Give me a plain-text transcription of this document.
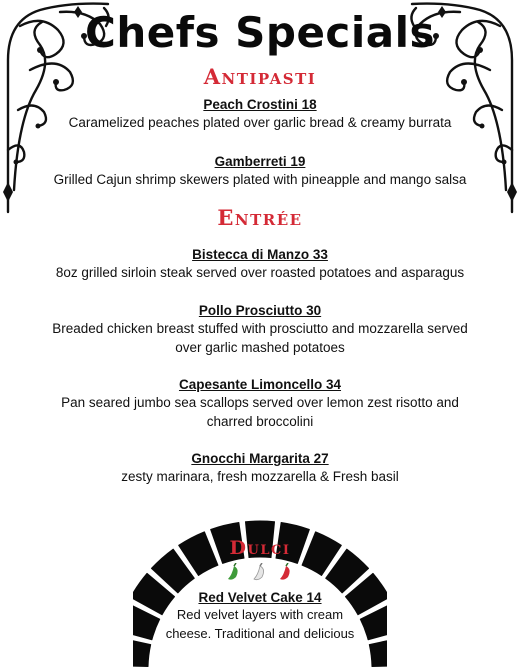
Chefs Specials
Antipasti
Peach Crostini 18
Caramelized peaches plated over garlic bread & creamy burrata
Gamberreti 19
Grilled Cajun shrimp skewers plated with pineapple and mango salsa
Entrée
Bistecca di Manzo 33
8oz grilled sirloin steak served over roasted potatoes and asparagus
Pollo Prosciutto 30
Breaded chicken breast stuffed with prosciutto and mozzarella served over garlic mashed potatoes
Capesante Limoncello 34
Pan seared jumbo sea scallops served over lemon zest risotto and charred broccolini
Gnocchi Margarita 27
zesty marinara, fresh mozzarella & Fresh basil
Dulci
Red Velvet Cake 14
Red velvet layers with cream cheese. Traditional and delicious
